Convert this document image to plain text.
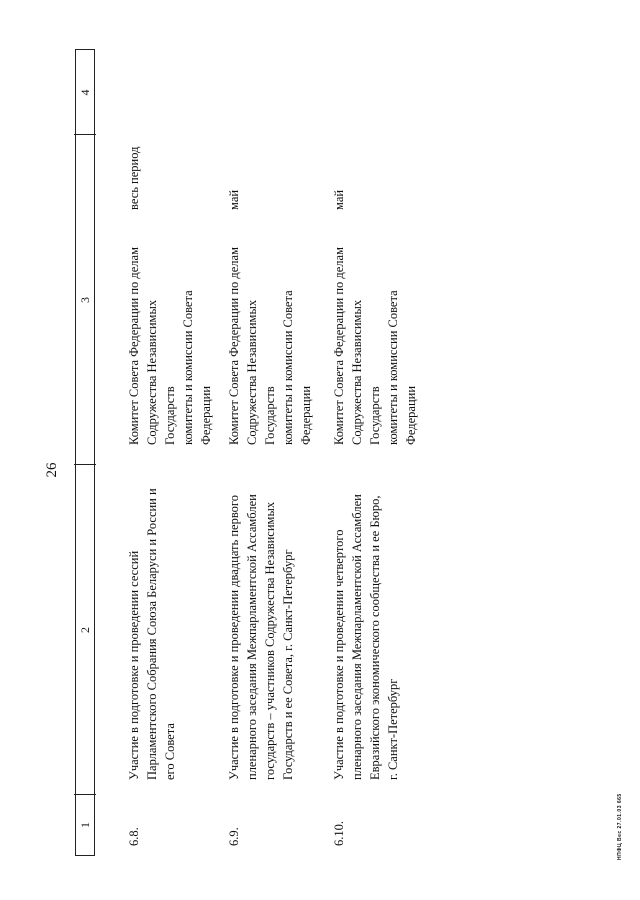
26
1
2
3
4
6.8.
Участие в подготовке и проведении сессий Парламентского Собрания Союза Беларуси и России и его Совета
Комитет Совета Федерации по делам Содружества Независимых Государств комитеты и комиссии Совета Федерации
весь период
6.9.
Участие в подготовке и проведении двадцать первого пленарного заседания Межпарламентской Ассамблеи государств – участников Содружества Независимых Государств и ее Совета, г. Санкт-Петербург
Комитет Совета Федерации по делам Содружества Независимых Государств комитеты и комиссии Совета Федерации
май
6.10.
Участие в подготовке и проведении четвертого пленарного заседания Межпарламентской Ассамблеи Евразийского экономического сообщества и ее Бюро, г. Санкт-Петербург
Комитет Совета Федерации по делам Содружества Независимых Государств комитеты и комиссии Совета Федерации
май
НПФЦ Вес 27.01.03 665
